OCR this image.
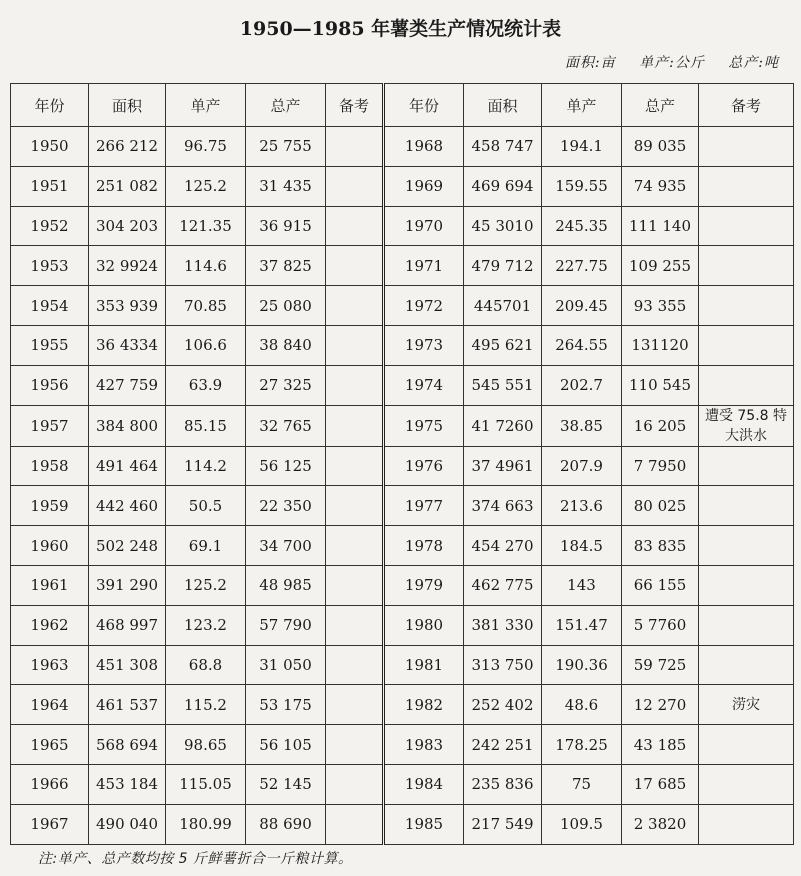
1950—1985 年薯类生产情况统计表
面积:亩 单产:公斤 总产:吨
年份	面积	单产	总产	备考	年份	面积	单产	总产	备考
1950	266 212	96.75	25 755		1968	458 747	194.1	89 035	
1951	251 082	125.2	31 435		1969	469 694	159.55	74 935	
1952	304 203	121.35	36 915		1970	45 3010	245.35	111 140	
1953	32 9924	114.6	37 825		1971	479 712	227.75	109 255	
1954	353 939	70.85	25 080		1972	445701	209.45	93 355	
1955	36 4334	106.6	38 840		1973	495 621	264.55	131120	
1956	427 759	63.9	27 325		1974	545 551	202.7	110 545	
1957	384 800	85.15	32 765		1975	41 7260	38.85	16 205	遭受 75.8 特大洪水
1958	491 464	114.2	56 125		1976	37 4961	207.9	7 7950	
1959	442 460	50.5	22 350		1977	374 663	213.6	80 025	
1960	502 248	69.1	34 700		1978	454 270	184.5	83 835	
1961	391 290	125.2	48 985		1979	462 775	143	66 155	
1962	468 997	123.2	57 790		1980	381 330	151.47	5 7760	
1963	451 308	68.8	31 050		1981	313 750	190.36	59 725	
1964	461 537	115.2	53 175		1982	252 402	48.6	12 270	涝灾
1965	568 694	98.65	56 105		1983	242 251	178.25	43 185	
1966	453 184	115.05	52 145		1984	235 836	75	17 685	
1967	490 040	180.99	88 690		1985	217 549	109.5	2 3820	
注:单产、总产数均按 5 斤鲜薯折合一斤粮计算。
